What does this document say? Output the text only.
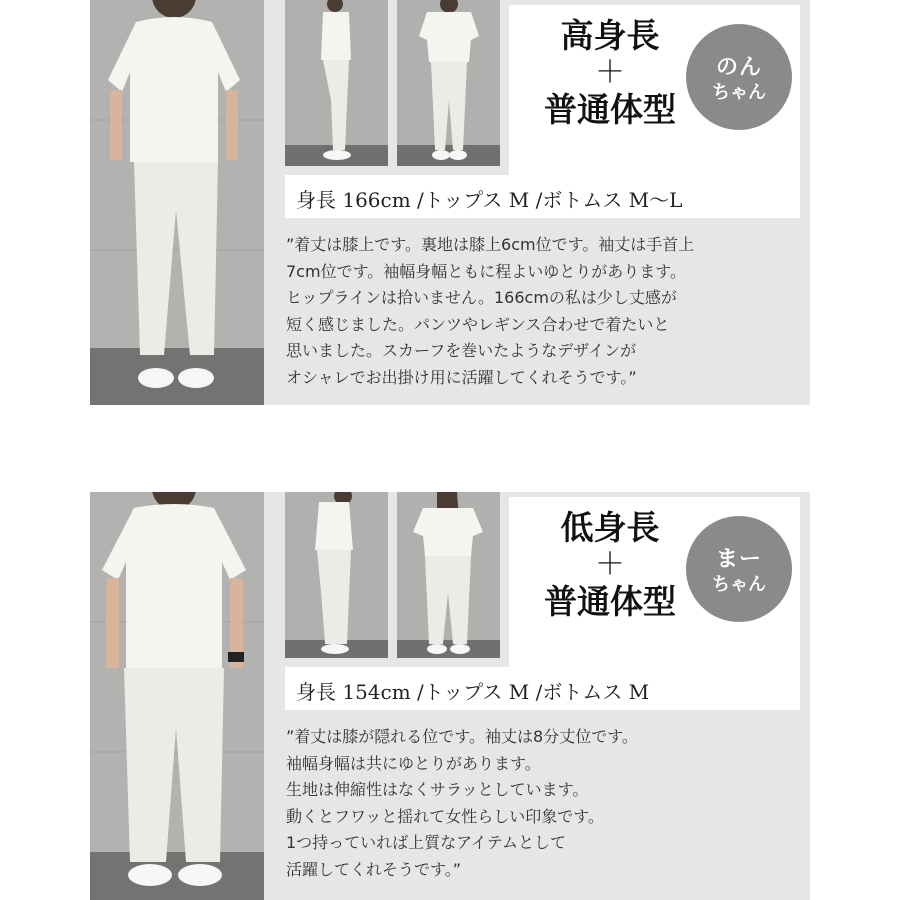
高身長
＋
普通体型
のん
ちゃん
身長 166cm /トップス M /ボトムス M〜L
”着丈は膝上です。裏地は膝上6cm位です。袖丈は手首上
7cm位です。袖幅身幅ともに程よいゆとりがあります。
ヒップラインは拾いません。166cmの私は少し丈感が
短く感じました。パンツやレギンス合わせで着たいと
思いました。スカーフを巻いたようなデザインが
オシャレでお出掛け用に活躍してくれそうです。”
低身長
＋
普通体型
まー
ちゃん
身長 154cm /トップス M /ボトムス M
”着丈は膝が隠れる位です。袖丈は8分丈位です。
袖幅身幅は共にゆとりがあります。
生地は伸縮性はなくサラッとしています。
動くとフワッと揺れて女性らしい印象です。
1つ持っていれば上質なアイテムとして
活躍してくれそうです。”
